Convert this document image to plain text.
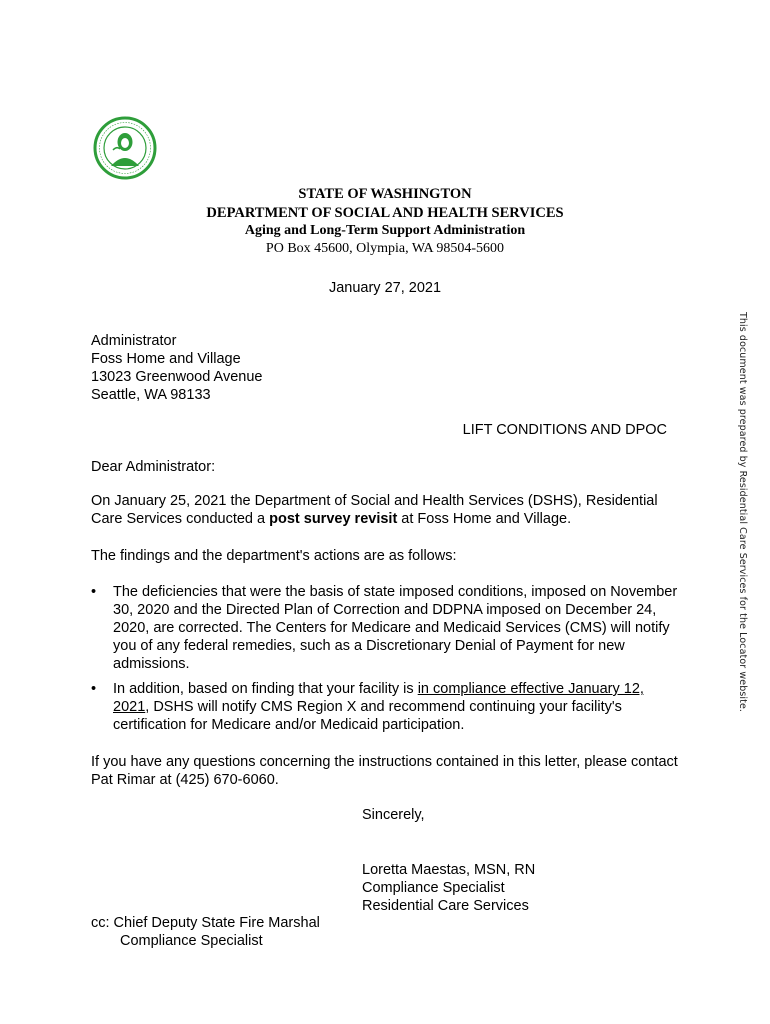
STATE OF WASHINGTON
DEPARTMENT OF SOCIAL AND HEALTH SERVICES
Aging and Long-Term Support Administration
PO Box 45600, Olympia, WA 98504-5600
January 27, 2021
Administrator
Foss Home and Village
13023 Greenwood Avenue
Seattle, WA 98133
LIFT CONDITIONS AND DPOC
Dear Administrator:
On January 25, 2021 the Department of Social and Health Services (DSHS), Residential Care Services conducted a post survey revisit at Foss Home and Village.
The findings and the department's actions are as follows:
•	The deficiencies that were the basis of state imposed conditions, imposed on November 30, 2020 and the Directed Plan of Correction and DDPNA imposed on December 24, 2020, are corrected. The Centers for Medicare and Medicaid Services (CMS) will notify you of any federal remedies, such as a Discretionary Denial of Payment for new admissions.
•	In addition, based on finding that your facility is in compliance effective January 12, 2021, DSHS will notify CMS Region X and recommend continuing your facility's certification for Medicare and/or Medicaid participation.
If you have any questions concerning the instructions contained in this letter, please contact Pat Rimar at (425) 670-6060.
Sincerely,
Loretta Maestas, MSN, RN
Compliance Specialist
Residential Care Services
cc: Chief Deputy State Fire Marshal
Compliance Specialist
This document was prepared by Residential Care Services for the Locator website.
